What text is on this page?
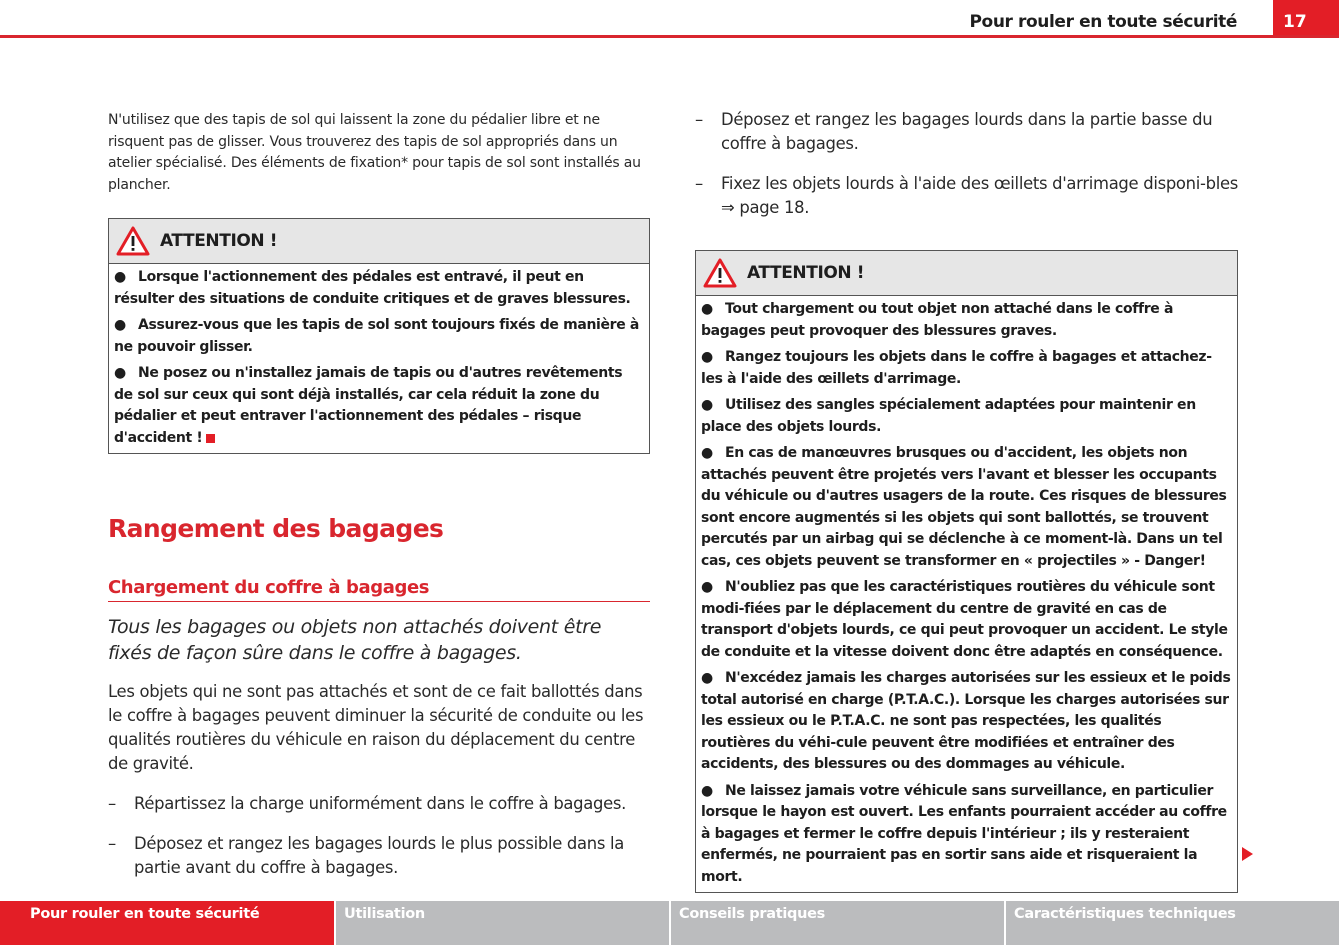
Pour rouler en toute sécurité	17

N'utilisez que des tapis de sol qui laissent la zone du pédalier libre et ne risquent pas de glisser. Vous trouverez des tapis de sol appropriés dans un atelier spécialisé. Des éléments de fixation* pour tapis de sol sont installés au plancher.

ATTENTION !

● Lorsque l'actionnement des pédales est entravé, il peut en résulter des situations de conduite critiques et de graves blessures.

● Assurez-vous que les tapis de sol sont toujours fixés de manière à ne pouvoir glisser.

● Ne posez ou n'installez jamais de tapis ou d'autres revêtements de sol sur ceux qui sont déjà installés, car cela réduit la zone du pédalier et peut entraver l'actionnement des pédales – risque d'accident !

Rangement des bagages
Chargement du coffre à bagages

Tous les bagages ou objets non attachés doivent être fixés de façon sûre dans le coffre à bagages.

Les objets qui ne sont pas attachés et sont de ce fait ballottés dans le coffre à bagages peuvent diminuer la sécurité de conduite ou les qualités routières du véhicule en raison du déplacement du centre de gravité.

– Répartissez la charge uniformément dans le coffre à bagages.

– Déposez et rangez les bagages lourds le plus possible dans la partie avant du coffre à bagages.

– Déposez et rangez les bagages lourds dans la partie basse du coffre à bagages.

– Fixez les objets lourds à l'aide des œillets d'arrimage disponi-bles ⇒ page 18.

ATTENTION !

● Tout chargement ou tout objet non attaché dans le coffre à bagages peut provoquer des blessures graves.

● Rangez toujours les objets dans le coffre à bagages et attachez-les à l'aide des œillets d'arrimage.

● Utilisez des sangles spécialement adaptées pour maintenir en place des objets lourds.

● En cas de manœuvres brusques ou d'accident, les objets non attachés peuvent être projetés vers l'avant et blesser les occupants du véhicule ou d'autres usagers de la route. Ces risques de blessures sont encore augmentés si les objets qui sont ballottés, se trouvent percutés par un airbag qui se déclenche à ce moment-là. Dans un tel cas, ces objets peuvent se transformer en « projectiles » - Danger!

● N'oubliez pas que les caractéristiques routières du véhicule sont modi-fiées par le déplacement du centre de gravité en cas de transport d'objets lourds, ce qui peut provoquer un accident. Le style de conduite et la vitesse doivent donc être adaptés en conséquence.

● N'excédez jamais les charges autorisées sur les essieux et le poids total autorisé en charge (P.T.A.C.). Lorsque les charges autorisées sur les essieux ou le P.T.A.C. ne sont pas respectées, les qualités routières du véhi-cule peuvent être modifiées et entraîner des accidents, des blessures ou des dommages au véhicule.

● Ne laissez jamais votre véhicule sans surveillance, en particulier lorsque le hayon est ouvert. Les enfants pourraient accéder au coffre à bagages et fermer le coffre depuis l'intérieur ; ils y resteraient enfermés, ne pourraient pas en sortir sans aide et risqueraient la mort.

Pour rouler en toute sécurité	Utilisation	Conseils pratiques	Caractéristiques techniques
